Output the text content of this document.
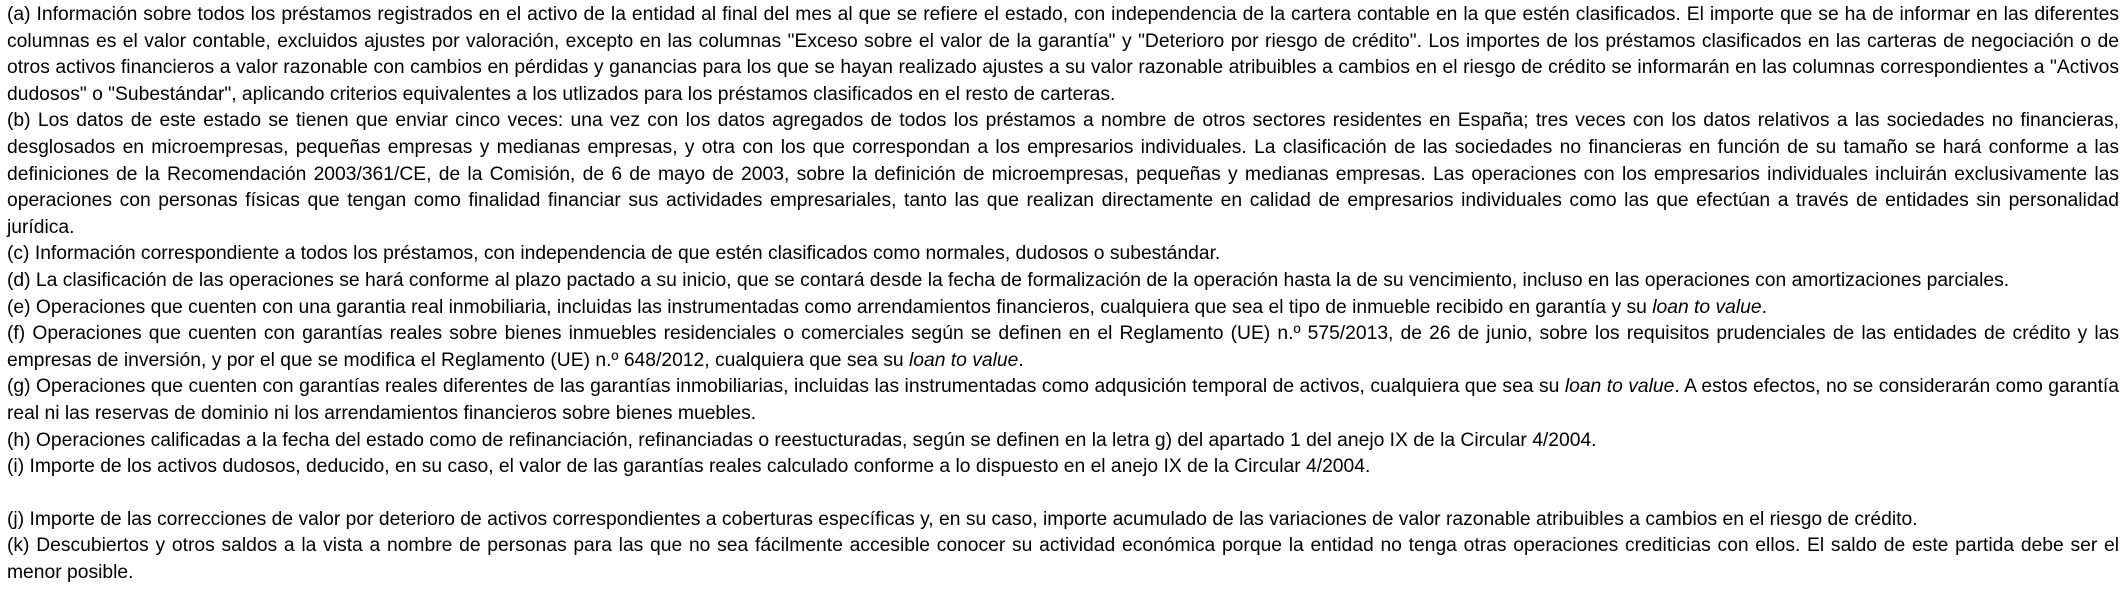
(a) Información sobre todos los préstamos registrados en el activo de la entidad al final del mes al que se refiere el estado, con independencia de la cartera contable en la que estén clasificados. El importe que se ha de informar en las diferentes columnas es el valor contable, excluidos ajustes por valoración, excepto en las columnas "Exceso sobre el valor de la garantía" y "Deterioro por riesgo de crédito". Los importes de los préstamos clasificados en las carteras de negociación o de otros activos financieros a valor razonable con cambios en pérdidas y ganancias para los que se hayan realizado ajustes a su valor razonable atribuibles a cambios en el riesgo de crédito se informarán en las columnas correspondientes a "Activos dudosos" o "Subestándar", aplicando criterios equivalentes a los utlizados para los préstamos clasificados en el resto de carteras.

(b) Los datos de este estado se tienen que enviar cinco veces: una vez con los datos agregados de todos los préstamos a nombre de otros sectores residentes en España; tres veces con los datos relativos a las sociedades no financieras, desglosados en microempresas, pequeñas empresas y medianas empresas, y otra con los que correspondan a los empresarios individuales. La clasificación de las sociedades no financieras en función de su tamaño se hará conforme a las definiciones de la Recomendación 2003/361/CE, de la Comisión, de 6 de mayo de 2003, sobre la definición de microempresas, pequeñas y medianas empresas. Las operaciones con los empresarios individuales incluirán exclusivamente las operaciones con personas físicas que tengan como finalidad financiar sus actividades empresariales, tanto las que realizan directamente en calidad de empresarios individuales como las que efectúan a través de entidades sin personalidad jurídica.

(c) Información correspondiente a todos los préstamos, con independencia de que estén clasificados como normales, dudosos o subestándar.

(d) La clasificación de las operaciones se hará conforme al plazo pactado a su inicio, que se contará desde la fecha de formalización de la operación hasta la de su vencimiento, incluso en las operaciones con amortizaciones parciales.

(e) Operaciones que cuenten con una garantia real inmobiliaria, incluidas las instrumentadas como arrendamientos financieros, cualquiera que sea el tipo de inmueble recibido en garantía y su loan to value.

(f) Operaciones que cuenten con garantías reales sobre bienes inmuebles residenciales o comerciales según se definen en el Reglamento (UE) n.º 575/2013, de 26 de junio, sobre los requisitos prudenciales de las entidades de crédito y las empresas de inversión, y por el que se modifica el Reglamento (UE) n.º 648/2012, cualquiera que sea su loan to value.

(g) Operaciones que cuenten con garantías reales diferentes de las garantías inmobiliarias, incluidas las instrumentadas como adqusición temporal de activos, cualquiera que sea su loan to value. A estos efectos, no se considerarán como garantía real ni las reservas de dominio ni los arrendamientos financieros sobre bienes muebles.

(h) Operaciones calificadas a la fecha del estado como de refinanciación, refinanciadas o reestucturadas, según se definen en la letra g) del apartado 1 del anejo IX de la Circular 4/2004.

(i) Importe de los activos dudosos, deducido, en su caso, el valor de las garantías reales calculado conforme a lo dispuesto en el anejo IX de la Circular 4/2004.

(j) Importe de las correcciones de valor por deterioro de activos correspondientes a coberturas específicas y, en su caso, importe acumulado de las variaciones de valor razonable atribuibles a cambios en el riesgo de crédito.

(k) Descubiertos y otros saldos a la vista a nombre de personas para las que no sea fácilmente accesible conocer su actividad económica porque la entidad no tenga otras operaciones crediticias con ellos. El saldo de este partida debe ser el menor posible.
